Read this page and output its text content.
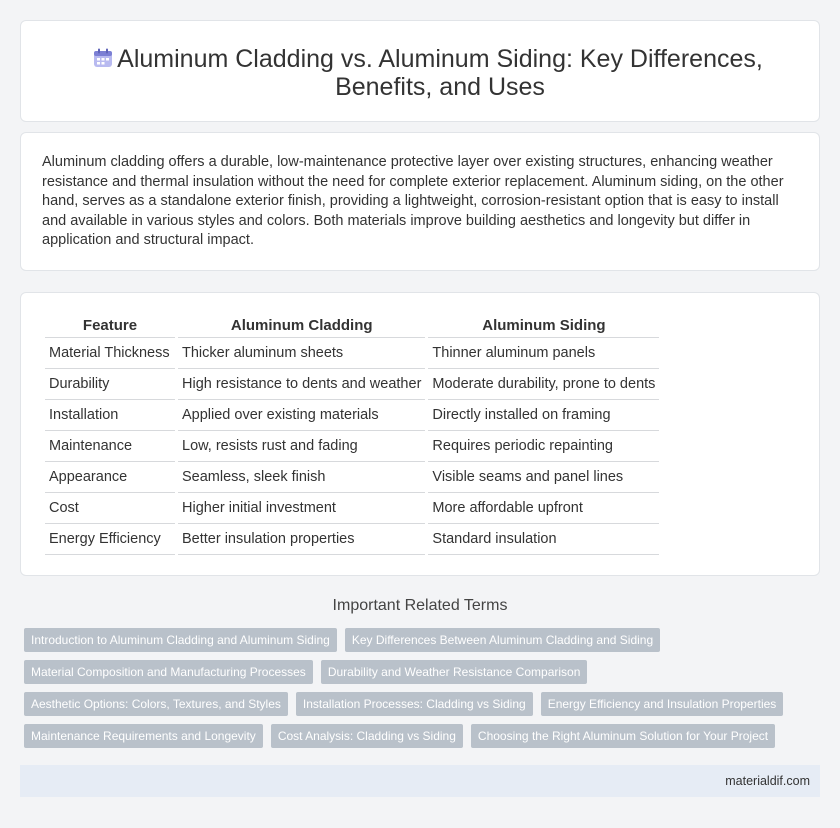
Aluminum Cladding vs. Aluminum Siding: Key Differences, Benefits, and Uses

Aluminum cladding offers a durable, low-maintenance protective layer over existing structures, enhancing weather resistance and thermal insulation without the need for complete exterior replacement. Aluminum siding, on the other hand, serves as a standalone exterior finish, providing a lightweight, corrosion-resistant option that is easy to install and available in various styles and colors. Both materials improve building aesthetics and longevity but differ in application and structural impact.

Feature	Aluminum Cladding	Aluminum Siding
Material Thickness	Thicker aluminum sheets	Thinner aluminum panels
Durability	High resistance to dents and weather	Moderate durability, prone to dents
Installation	Applied over existing materials	Directly installed on framing
Maintenance	Low, resists rust and fading	Requires periodic repainting
Appearance	Seamless, sleek finish	Visible seams and panel lines
Cost	Higher initial investment	More affordable upfront
Energy Efficiency	Better insulation properties	Standard insulation
Important Related Terms
Introduction to Aluminum Cladding and Aluminum Siding	Key Differences Between Aluminum Cladding and Siding
Material Composition and Manufacturing Processes	Durability and Weather Resistance Comparison
Aesthetic Options: Colors, Textures, and Styles	Installation Processes: Cladding vs Siding	Energy Efficiency and Insulation Properties
Maintenance Requirements and Longevity	Cost Analysis: Cladding vs Siding	Choosing the Right Aluminum Solution for Your Project
materialdif.com
